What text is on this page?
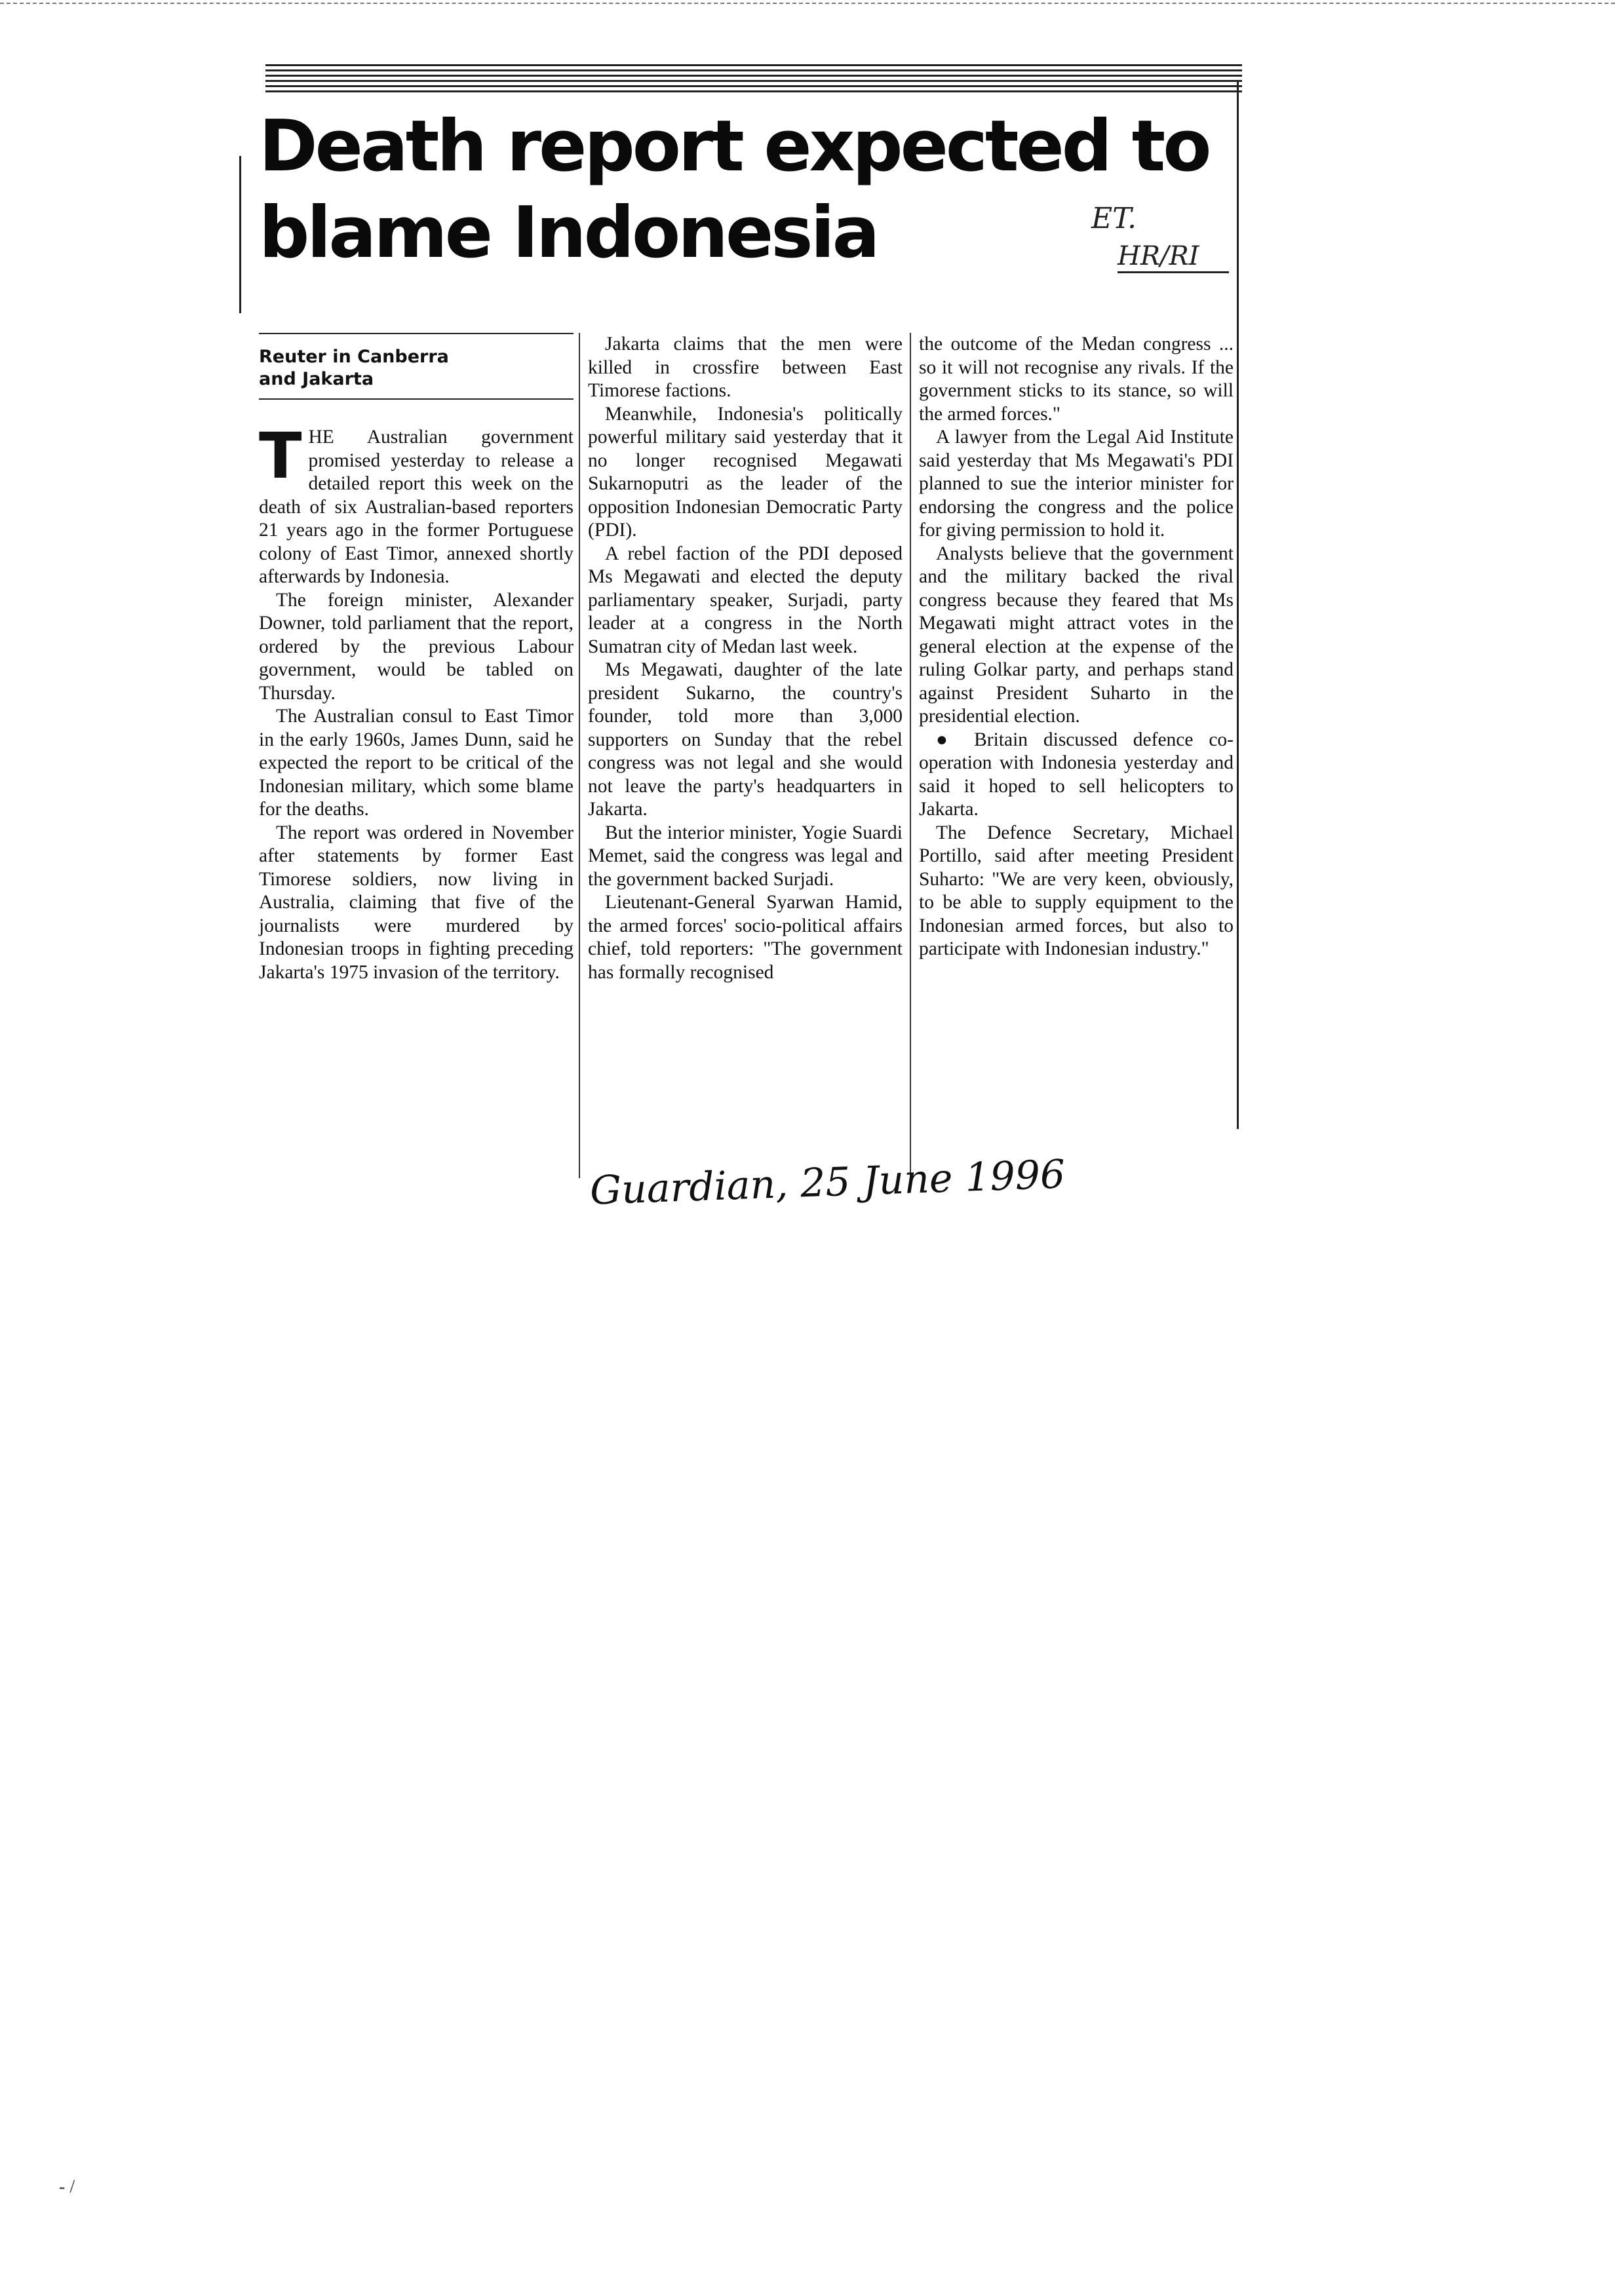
Death report expected to blame Indonesia	ET.
HR/RI
Reuter in Canberra
and Jakarta

THE Australian government promised yesterday to release a detailed report this week on the death of six Australian-based reporters 21 years ago in the former Portuguese colony of East Timor, annexed shortly afterwards by Indonesia.

The foreign minister, Alexander Downer, told parliament that the report, ordered by the previous Labour government, would be tabled on Thursday.

The Australian consul to East Timor in the early 1960s, James Dunn, said he expected the report to be critical of the Indonesian military, which some blame for the deaths.

The report was ordered in November after statements by former East Timorese soldiers, now living in Australia, claiming that five of the journalists were murdered by Indonesian troops in fighting preceding Jakarta's 1975 invasion of the territory.

Jakarta claims that the men were killed in crossfire between East Timorese factions.

Meanwhile, Indonesia's politically powerful military said yesterday that it no longer recognised Megawati Sukarnoputri as the leader of the opposition Indonesian Democratic Party (PDI).

A rebel faction of the PDI deposed Ms Megawati and elected the deputy parliamentary speaker, Surjadi, party leader at a congress in the North Sumatran city of Medan last week.

Ms Megawati, daughter of the late president Sukarno, the country's founder, told more than 3,000 supporters on Sunday that the rebel congress was not legal and she would not leave the party's headquarters in Jakarta.

But the interior minister, Yogie Suardi Memet, said the congress was legal and the government backed Surjadi.

Lieutenant-General Syarwan Hamid, the armed forces' socio-political affairs chief, told reporters: "The government has formally recognised

the outcome of the Medan congress ... so it will not recognise any rivals. If the government sticks to its stance, so will the armed forces."

A lawyer from the Legal Aid Institute said yesterday that Ms Megawati's PDI planned to sue the interior minister for endorsing the congress and the police for giving permission to hold it.

Analysts believe that the government and the military backed the rival congress because they feared that Ms Megawati might attract votes in the general election at the expense of the ruling Golkar party, and perhaps stand against President Suharto in the presidential election.

● Britain discussed defence co-operation with Indonesia yesterday and said it hoped to sell helicopters to Jakarta.

The Defence Secretary, Michael Portillo, said after meeting President Suharto: "We are very keen, obviously, to be able to supply equipment to the Indonesian armed forces, but also to participate with Indonesian industry."

Guardian, 25 June 1996
- /
